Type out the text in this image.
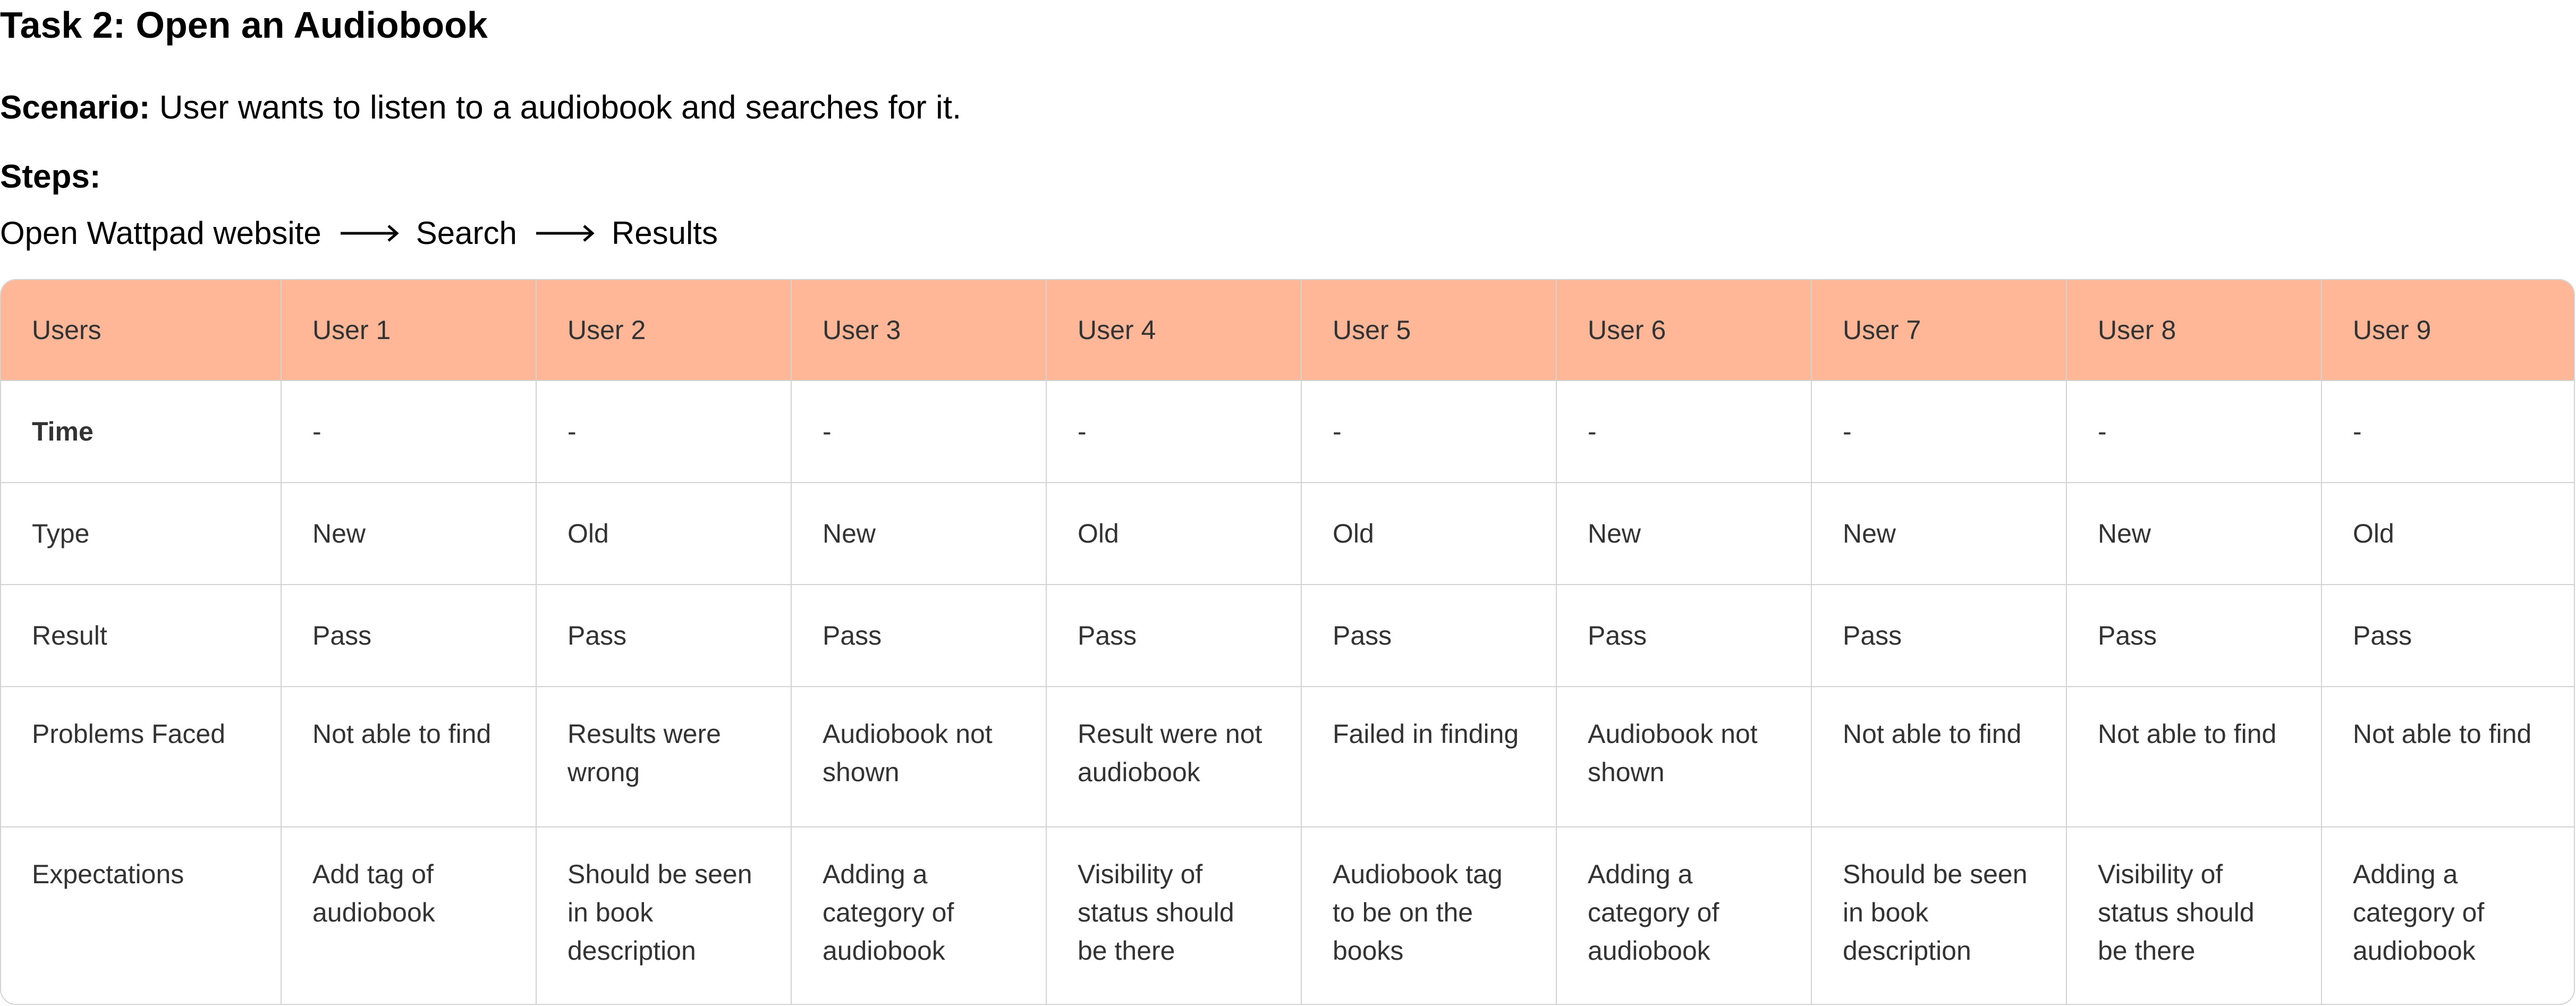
Task 2: Open an Audiobook
Scenario: User wants to listen to a audiobook and searches for it.
Steps:
Open Wattpad website	Search	Results
Users	User 1	User 2	User 3	User 4	User 5	User 6	User 7	User 8	User 9
Time	-	-	-	-	-	-	-	-	-
Type	New	Old	New	Old	Old	New	New	New	Old
Result	Pass	Pass	Pass	Pass	Pass	Pass	Pass	Pass	Pass
Problems Faced	Not able to find	Results were wrong	Audiobook not shown	Result were not audiobook	Failed in finding	Audiobook not shown	Not able to find	Not able to find	Not able to find
Expectations	Add tag of audiobook	Should be seen in book description	Adding a category of audiobook	Visibility of status should be there	Audiobook tag to be on the books	Adding a category of audiobook	Should be seen in book description	Visibility of status should be there	Adding a category of audiobook
